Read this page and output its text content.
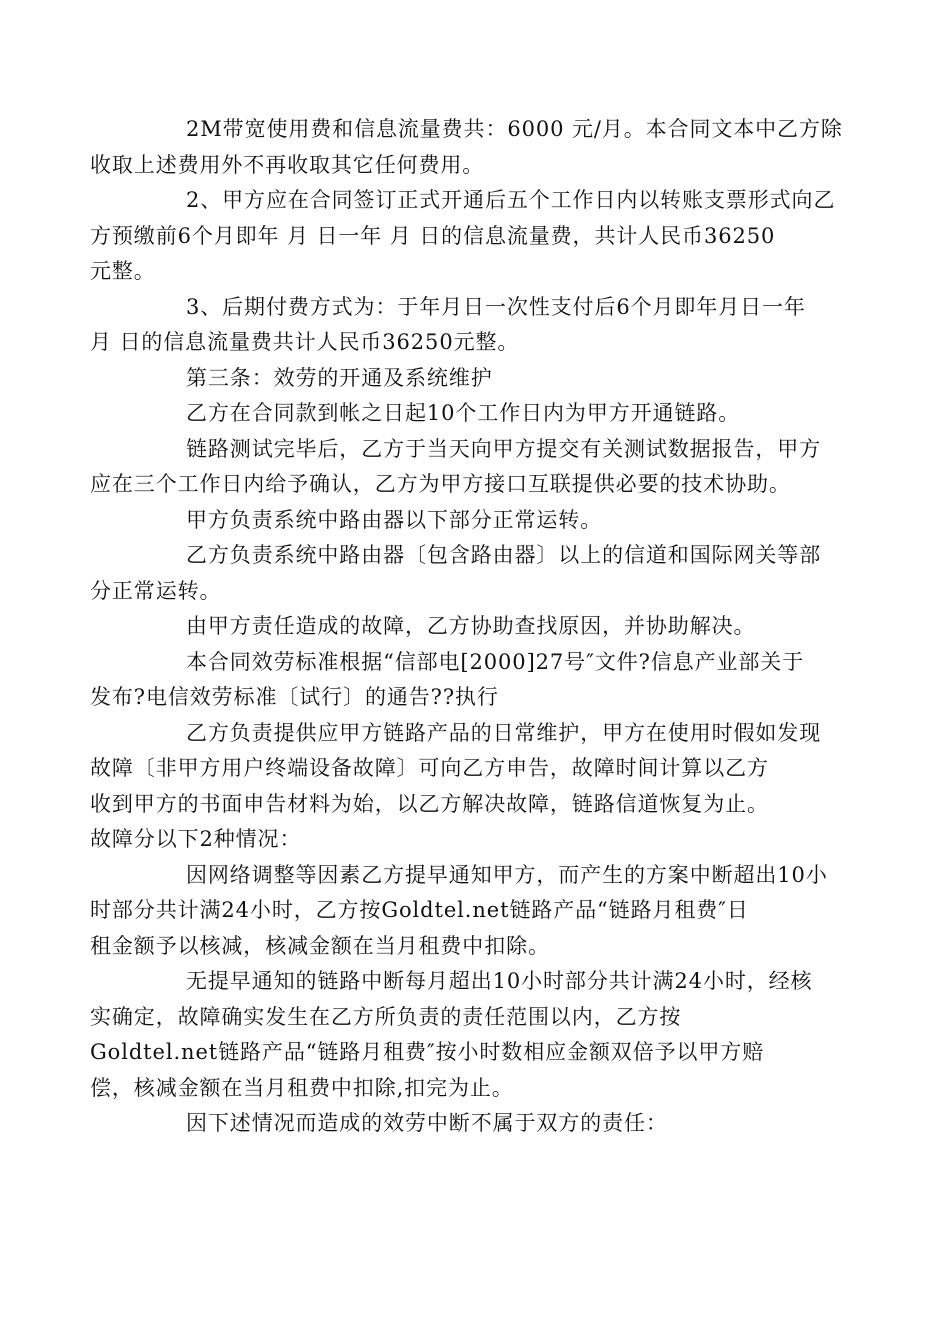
2M带宽使用费和信息流量费共：6000 元/月。本合同文本中乙方除
收取上述费用外不再收取其它任何费用。
2、甲方应在合同签订正式开通后五个工作日内以转账支票形式向乙
方预缴前6个月即年 月 日一年 月 日的信息流量费，共计人民币36250
元整。
3、后期付费方式为：于年月日一次性支付后6个月即年月日一年
月 日的信息流量费共计人民币36250元整。
第三条：效劳的开通及系统维护
乙方在合同款到帐之日起10个工作日内为甲方开通链路。
链路测试完毕后，乙方于当天向甲方提交有关测试数据报告，甲方
应在三个工作日内给予确认，乙方为甲方接口互联提供必要的技术协助。
甲方负责系统中路由器以下部分正常运转。
乙方负责系统中路由器〔包含路由器〕以上的信道和国际网关等部
分正常运转。
由甲方责任造成的故障，乙方协助查找原因，并协助解决。
本合同效劳标准根据“信部电[2000]27号″文件?信息产业部关于
发布?电信效劳标准〔试行〕的通告??执行
乙方负责提供应甲方链路产品的日常维护，甲方在使用时假如发现
故障〔非甲方用户终端设备故障〕可向乙方申告，故障时间计算以乙方
收到甲方的书面申告材料为始，以乙方解决故障，链路信道恢复为止。
故障分以下2种情况：
因网络调整等因素乙方提早通知甲方，而产生的方案中断超出10小
时部分共计满24小时，乙方按Goldtel.net链路产品“链路月租费″日
租金额予以核减，核减金额在当月租费中扣除。
无提早通知的链路中断每月超出10小时部分共计满24小时，经核
实确定，故障确实发生在乙方所负责的责任范围以内，乙方按
Goldtel.net链路产品“链路月租费″按小时数相应金额双倍予以甲方赔
偿，核减金额在当月租费中扣除,扣完为止。
因下述情况而造成的效劳中断不属于双方的责任：
